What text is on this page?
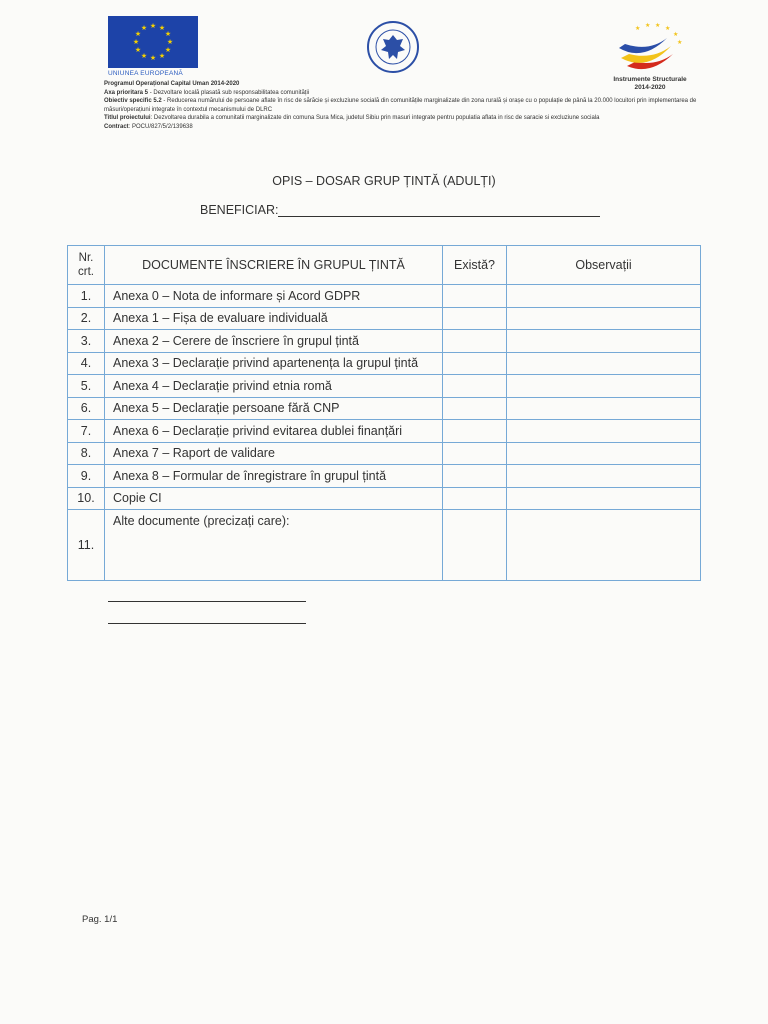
★ ★
★
★
★
★
★
★
★
★
★
★
UNIUNEA EUROPEANĂ
★ ★ ★ ★
★
★
Instrumente Structurale
2014-2020
Programul Operațional Capital Uman 2014-2020
Axa prioritara 5 - Dezvoltare locală plasată sub responsabilitatea comunității
Obiectiv specific 5.2 - Reducerea numărului de persoane aflate în risc de sărăcie și excluziune socială din comunitățile marginalizate din zona rurală și orașe cu o populație de până la 20.000 locuitori prin implementarea de măsuri/operațiuni integrate în contextul mecanismului de DLRC
Titlul proiectului: Dezvoltarea durabila a comunitatii marginalizate din comuna Sura Mica, judetul Sibiu prin masuri integrate pentru populatia aflata in risc de saracie si excluziune sociala
Contract: POCU/827/5/2/139638
OPIS – DOSAR GRUP ȚINTĂ (ADULȚI)
BENEFICIAR:
Nr.
crt.	DOCUMENTE ÎNSCRIERE ÎN GRUPUL ȚINTĂ	Există?	Observații
1.	Anexa 0 – Nota de informare și Acord GDPR		
2.	Anexa 1 – Fișa de evaluare individuală		
3.	Anexa 2 – Cerere de înscriere în grupul țintă		
4.	Anexa 3 – Declarație privind apartenența la grupul țintă		
5.	Anexa 4 – Declarație privind etnia romă		
6.	Anexa 5 – Declarație persoane fără CNP		
7.	Anexa 6 – Declarație privind evitarea dublei finanțări		
8.	Anexa 7 – Raport de validare		
9.	Anexa 8 – Formular de înregistrare în grupul țintă		
10.	Copie CI		
11.	Alte documente (precizați care):		
Pag. 1/1
